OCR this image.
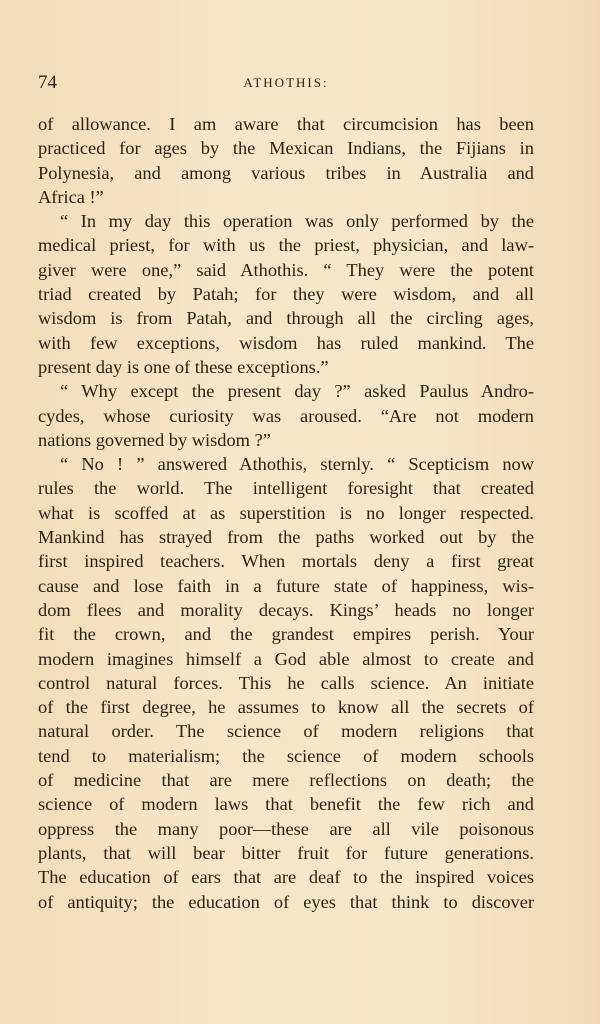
74	ATHOTHIS:
of allowance. I am aware that circumcision has been
practiced for ages by the Mexican Indians, the Fijians in
Polynesia, and among various tribes in Australia and
Africa !”
“ In my day this operation was only performed by the
medical priest, for with us the priest, physician, and law-
giver were one,” said Athothis. “ They were the potent
triad created by Patah; for they were wisdom, and all
wisdom is from Patah, and through all the circling ages,
with few exceptions, wisdom has ruled mankind. The
present day is one of these exceptions.”
“ Why except the present day ?” asked Paulus Andro-
cydes, whose curiosity was aroused. “Are not modern
nations governed by wisdom ?”
“ No ! ” answered Athothis, sternly. “ Scepticism now
rules the world. The intelligent foresight that created
what is scoffed at as superstition is no longer respected.
Mankind has strayed from the paths worked out by the
first inspired teachers. When mortals deny a first great
cause and lose faith in a future state of happiness, wis-
dom flees and morality decays. Kings’ heads no longer
fit the crown, and the grandest empires perish. Your
modern imagines himself a God able almost to create and
control natural forces. This he calls science. An initiate
of the first degree, he assumes to know all the secrets of
natural order. The science of modern religions that
tend to materialism; the science of modern schools
of medicine that are mere reflections on death; the
science of modern laws that benefit the few rich and
oppress the many poor—these are all vile poisonous
plants, that will bear bitter fruit for future generations.
The education of ears that are deaf to the inspired voices
of antiquity; the education of eyes that think to discover
